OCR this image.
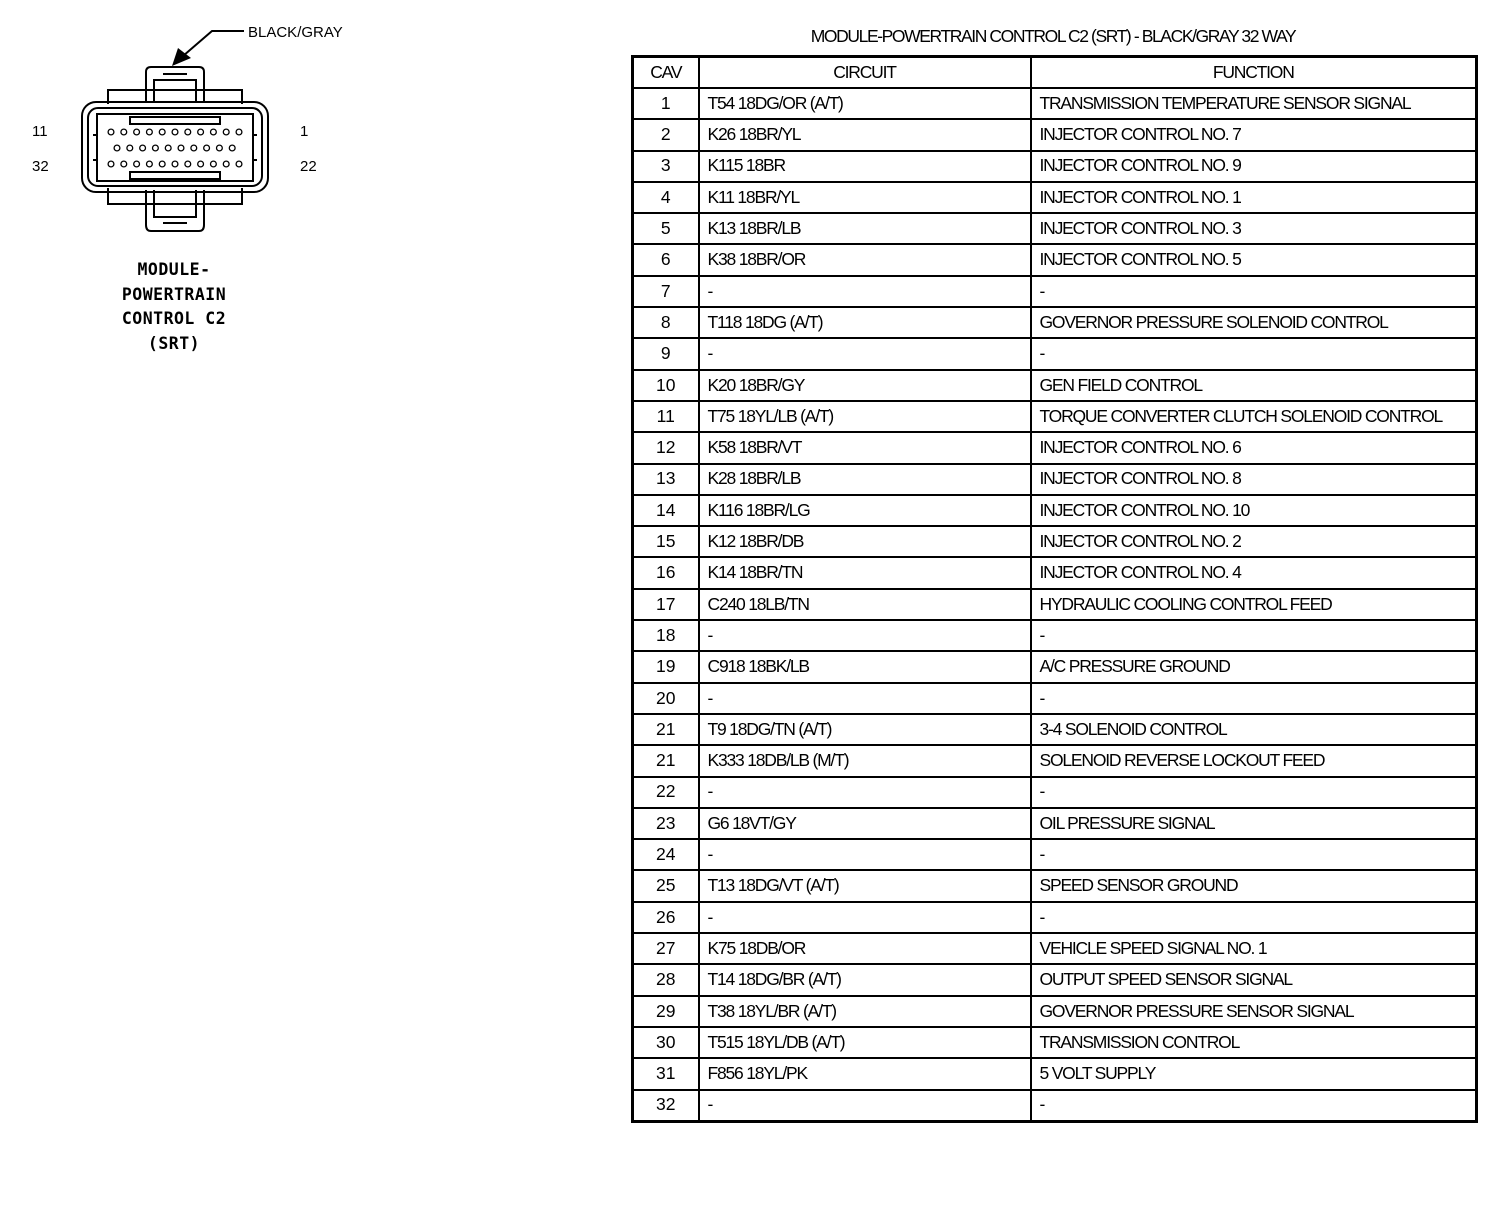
BLACK/GRAY
11
32
1
22
MODULE-
POWERTRAIN
CONTROL C2
(SRT)
MODULE-POWERTRAIN CONTROL C2 (SRT) - BLACK/GRAY 32 WAY
CAV	CIRCUIT	FUNCTION
1	T54 18DG/OR (A/T)	TRANSMISSION TEMPERATURE SENSOR SIGNAL
2	K26 18BR/YL	INJECTOR CONTROL NO. 7
3	K115 18BR	INJECTOR CONTROL NO. 9
4	K11 18BR/YL	INJECTOR CONTROL NO. 1
5	K13 18BR/LB	INJECTOR CONTROL NO. 3
6	K38 18BR/OR	INJECTOR CONTROL NO. 5
7	-	-
8	T118 18DG (A/T)	GOVERNOR PRESSURE SOLENOID CONTROL
9	-	-
10	K20 18BR/GY	GEN FIELD CONTROL
11	T75 18YL/LB (A/T)	TORQUE CONVERTER CLUTCH SOLENOID CONTROL
12	K58 18BR/VT	INJECTOR CONTROL NO. 6
13	K28 18BR/LB	INJECTOR CONTROL NO. 8
14	K116 18BR/LG	INJECTOR CONTROL NO. 10
15	K12 18BR/DB	INJECTOR CONTROL NO. 2
16	K14 18BR/TN	INJECTOR CONTROL NO. 4
17	C240 18LB/TN	HYDRAULIC COOLING CONTROL FEED
18	-	-
19	C918 18BK/LB	A/C PRESSURE GROUND
20	-	-
21	T9 18DG/TN (A/T)	3-4 SOLENOID CONTROL
21	K333 18DB/LB (M/T)	SOLENOID REVERSE LOCKOUT FEED
22	-	-
23	G6 18VT/GY	OIL PRESSURE SIGNAL
24	-	-
25	T13 18DG/VT (A/T)	SPEED SENSOR GROUND
26	-	-
27	K75 18DB/OR	VEHICLE SPEED SIGNAL NO. 1
28	T14 18DG/BR (A/T)	OUTPUT SPEED SENSOR SIGNAL
29	T38 18YL/BR (A/T)	GOVERNOR PRESSURE SENSOR SIGNAL
30	T515 18YL/DB (A/T)	TRANSMISSION CONTROL
31	F856 18YL/PK	5 VOLT SUPPLY
32	-	-
